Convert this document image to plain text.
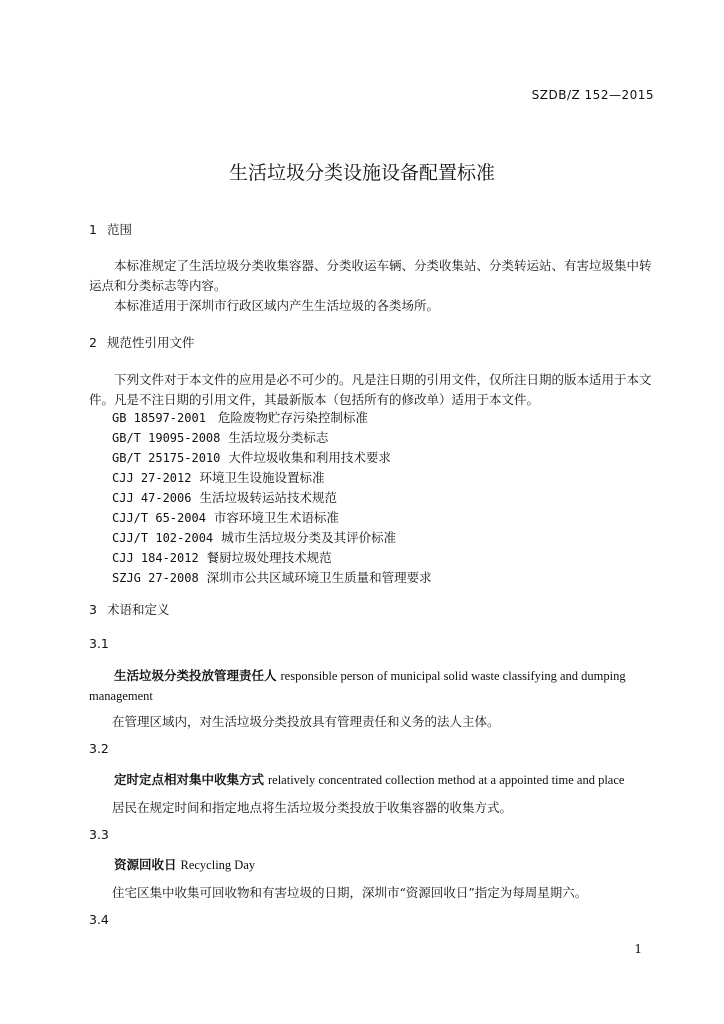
SZDB/Z 152—2015
生活垃圾分类设施设备配置标准
1 范围
本标准规定了生活垃圾分类收集容器、分类收运车辆、分类收集站、分类转运站、有害垃圾集中转运点和分类标志等内容。
本标准适用于深圳市行政区域内产生生活垃圾的各类场所。
2 规范性引用文件
下列文件对于本文件的应用是必不可少的。凡是注日期的引用文件，仅所注日期的版本适用于本文件。凡是不注日期的引用文件，其最新版本（包括所有的修改单）适用于本文件。
GB 18597-2001 危险废物贮存污染控制标准
GB/T 19095-2008 生活垃圾分类标志
GB/T 25175-2010 大件垃圾收集和利用技术要求
CJJ 27-2012 环境卫生设施设置标准
CJJ 47-2006 生活垃圾转运站技术规范
CJJ/T 65-2004 市容环境卫生术语标准
CJJ/T 102-2004 城市生活垃圾分类及其评价标准
CJJ 184-2012 餐厨垃圾处理技术规范
SZJG 27-2008 深圳市公共区域环境卫生质量和管理要求
3 术语和定义
3.1
生活垃圾分类投放管理责任人 responsible person of municipal solid waste classifying and dumping management
在管理区域内，对生活垃圾分类投放具有管理责任和义务的法人主体。
3.2
定时定点相对集中收集方式 relatively concentrated collection method at a appointed time and place
居民在规定时间和指定地点将生活垃圾分类投放于收集容器的收集方式。
3.3
资源回收日 Recycling Day
住宅区集中收集可回收物和有害垃圾的日期，深圳市“资源回收日”指定为每周星期六。
3.4
1
